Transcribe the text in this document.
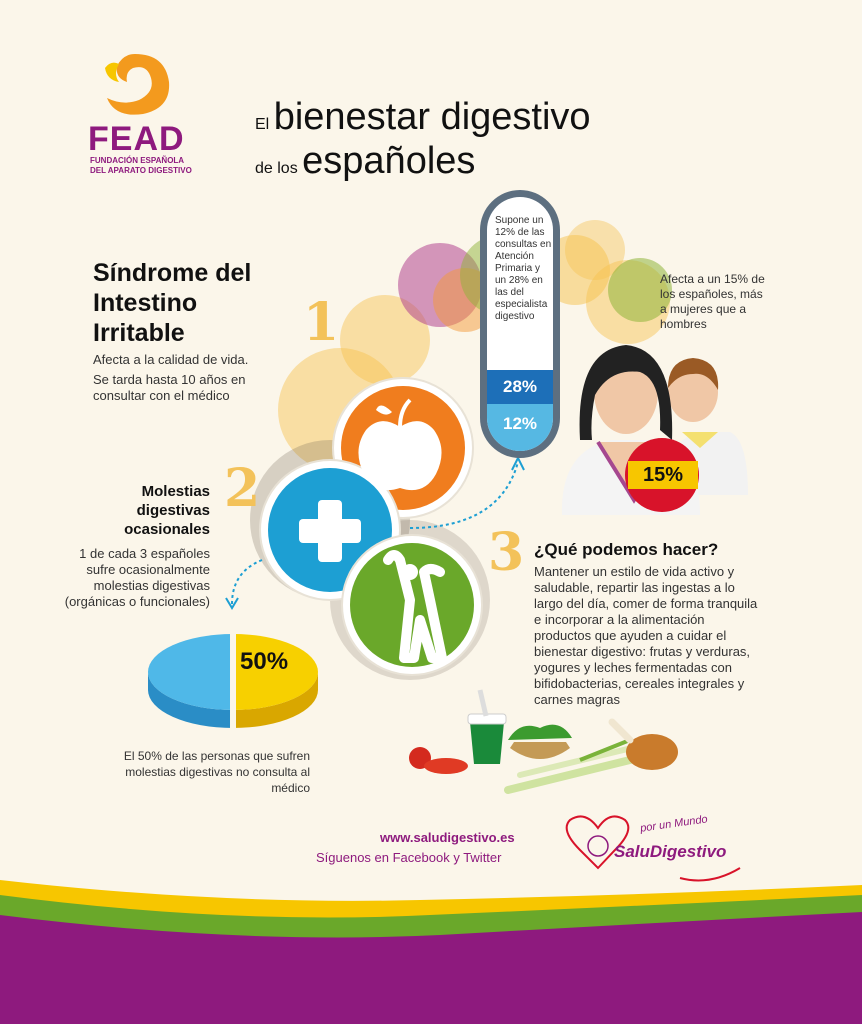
FEAD
FUNDACIÓN ESPAÑOLA DEL APARATO DIGESTIVO
El bienestar digestivo
de los españoles
1
Síndrome del Intestino Irritable
Afecta a la calidad de vida.
Se tarda hasta 10 años en consultar con el médico
Supone un 12% de las consultas en Atención Primaria y un 28% en las del especialista digestivo
28%
12%
Afecta a un 15% de los españoles, más a mujeres que a hombres
15%
2
Molestias digestivas ocasionales
1 de cada 3 españoles sufre ocasionalmente molestias digestivas (orgánicas o funcionales)
50%
El 50% de las personas que sufren molestias digestivas no consulta al médico
3 ¿Qué podemos hacer?
Mantener un estilo de vida activo y saludable, repartir las ingestas a lo largo del día, comer de forma tranquila e incorporar a la alimentación productos que ayuden a cuidar el bienestar digestivo: frutas y verduras, yogures y leches fermentadas con bifidobacterias, cereales integrales y carnes magras
www.saludigestivo.es
Síguenos en Facebook y Twitter
por un Mundo
SaluDigestivo
